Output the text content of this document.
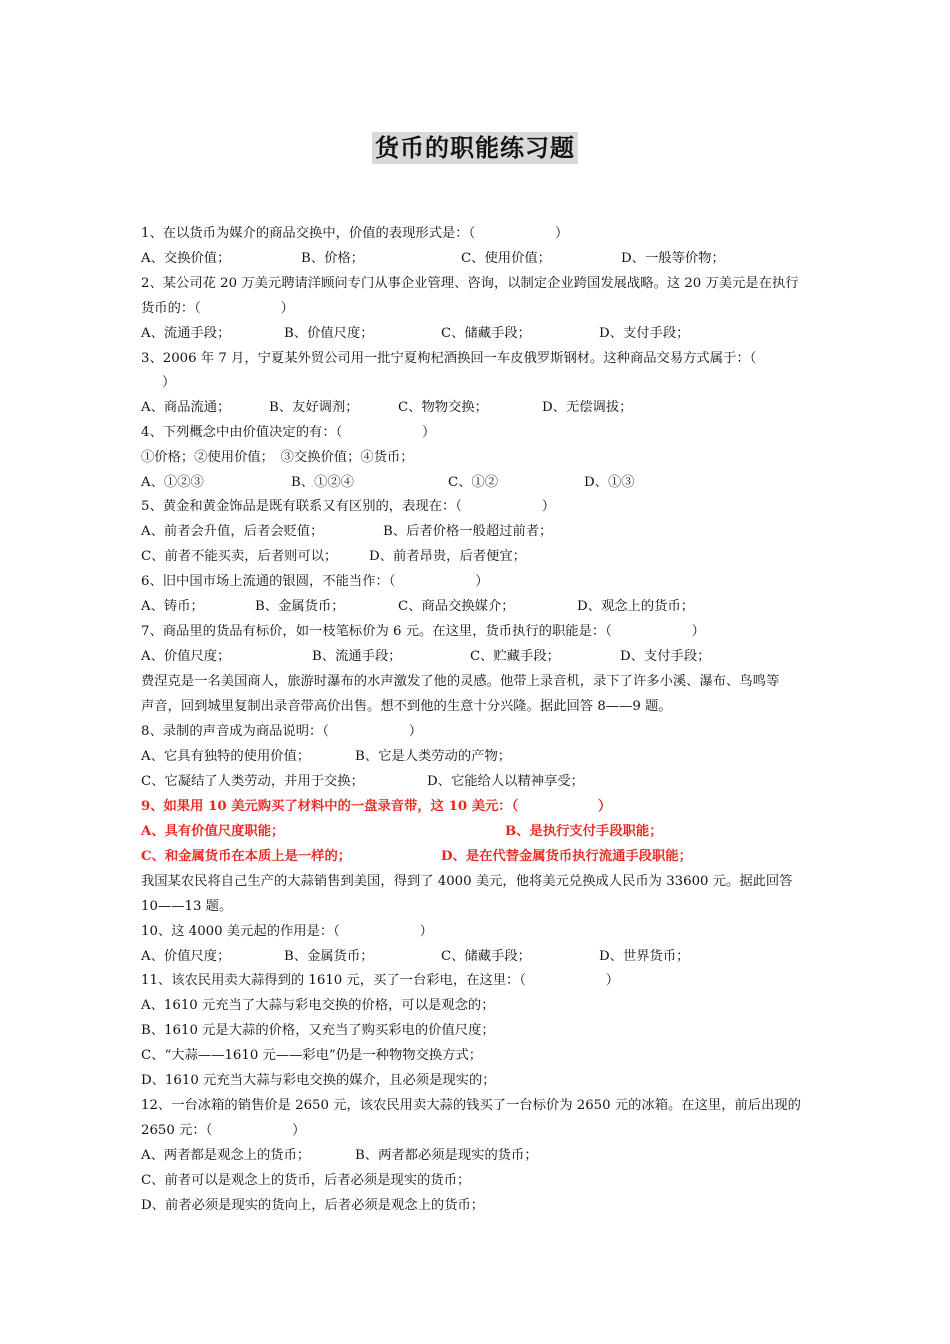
货币的职能练习题
1、在以货币为媒介的商品交换中，价值的表现形式是：（　　　　　　）
A、交换价值；	B、价格；	C、使用价值；	D、一般等价物；
2、某公司花 20 万美元聘请洋顾问专门从事企业管理、咨询，以制定企业跨国发展战略。这 20 万美元是在执行
货币的：（　　　　　　）
A、流通手段；	B、价值尺度；	C、储藏手段；	D、支付手段；
3、2006 年 7 月，宁夏某外贸公司用一批宁夏枸杞酒换回一车皮俄罗斯钢材。这种商品交易方式属于：（
）
A、商品流通；	B、友好调剂；	C、物物交换；	D、无偿调拔；
4、下列概念中由价值决定的有：（　　　　　　）
①价格；②使用价值；　③交换价值；④货币；
A、①②③	B、①②④	C、①②	D、①③
5、黄金和黄金饰品是既有联系又有区别的，表现在：（　　　　　　）
A、前者会升值，后者会贬值；	B、后者价格一般超过前者；
C、前者不能买卖，后者则可以； D、前者昂贵，后者便宜；
6、旧中国市场上流通的银圆，不能当作：（　　　　　　）
A、铸币；	B、金属货币；	C、商品交换媒介；	D、观念上的货币；
7、商品里的货品有标价，如一枝笔标价为 6 元。在这里，货币执行的职能是：（　　　　　　）
A、价值尺度；	B、流通手段；	C、贮藏手段；	D、支付手段；
费涅克是一名美国商人，旅游时瀑布的水声激发了他的灵感。他带上录音机，录下了许多小溪、瀑布、鸟鸣等
声音，回到城里复制出录音带高价出售。想不到他的生意十分兴隆。据此回答 8——9 题。
8、录制的声音成为商品说明：（　　　　　　）
A、它具有独特的使用价值；	B、它是人类劳动的产物；
C、它凝结了人类劳动，并用于交换；	D、它能给人以精神享受；
9、如果用 10 美元购买了材料中的一盘录音带，这 10 美元：（　　　　　　）
A、具有价值尺度职能；	B、是执行支付手段职能；
C、和金属货币在本质上是一样的；	D、是在代替金属货币执行流通手段职能；
我国某农民将自己生产的大蒜销售到美国，得到了 4000 美元，他将美元兑换成人民币为 33600 元。据此回答
10——13 题。
10、这 4000 美元起的作用是：（　　　　　　）
A、价值尺度；	B、金属货币；	C、储藏手段；	D、世界货币；
11、该农民用卖大蒜得到的 1610 元，买了一台彩电，在这里：（　　　　　　）
A、1610 元充当了大蒜与彩电交换的价格，可以是观念的；
B、1610 元是大蒜的价格，又充当了购买彩电的价值尺度；
C、“大蒜——1610 元——彩电”仍是一种物物交换方式；
D、1610 元充当大蒜与彩电交换的媒介，且必须是现实的；
12、一台冰箱的销售价是 2650 元，该农民用卖大蒜的钱买了一台标价为 2650 元的冰箱。在这里，前后出现的
2650 元：（　　　　　　）
A、两者都是观念上的货币；	B、两者都必须是现实的货币；
C、前者可以是观念上的货币，后者必须是现实的货币；
D、前者必须是现实的货向上，后者必须是观念上的货币；
